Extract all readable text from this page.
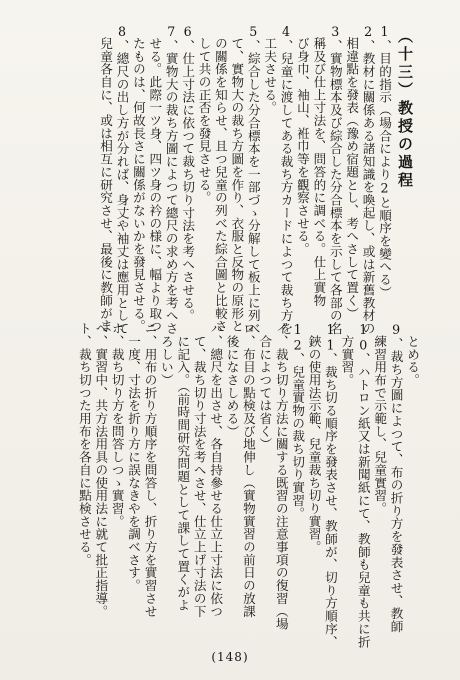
（十三）教授の過程
1、目的指示（場合により2と順序を變へる）
2、教材に關係ある諸知識を喚起し、或は新舊教材の
　相違點を發表（豫め宿題とし、考へさして置く）
3、實物標本及び綜合した分合標本を示して各部の名
　稱及び仕上寸法を、問答的に調べる。仕上實物
　び身巾、袖山、袵巾等を觀察させる。
4、兒童に渡してある裁ち方カードによつて裁ち方を
　工夫させる。
5、綜合した分合標本を一部づゝ分解して板上に列べ
　て、實物大の裁ち方圖を作り、衣服と反物の原形と
　の關係を知らせ、且つ兒童の列べた綜合圖と比較さ
　して共の正否を發見させる。
6、仕上寸法に依つて裁ち切り寸法を考へさせる。
7、實物大の裁ち方圖によつて總尺の求め方を考へさ
　せる。此際一ツ身、四ツ身の衿の様に、幅より取つ
　たものは、何故長さに關係がないかを發見させる。
8、總尺の出し方が分れば、身丈や袖丈は應用として
　兒童各自に、或は相互に研究させ、最後に教師がま
　とめる。
9、裁ち方圖によつて、布の折り方を發表させ、教師
　練習用布で示範し、兒童實習。
10、ハトロン紙又は新聞紙にて、教師も兒童も共に折
　方實習。
11、裁ち切る順序を發表させ、教師が、切り方順序、
　鋏の使用法示範、兒童裁ち切り實習。
12、兒童實物の裁ち切り實習。
イ、裁ち切り方法に關する既習の注意事項の復習（場
　合によつては省く）
ロ、布目の點検及び地伸し（實物實習の前日の放課
　後になさしめる）
ハ、總尺を出させ、各自持參せる仕立上寸法に依つ
　て、裁ち切り寸法を考へさせ、仕立上げ寸法の下
　に記入。（前時間研究問題として課して置くがよ
　ろしい）
ニ、用布の折り方順序を問答し、折り方を實習させ
　一度、寸法を折り方に誤なきやを調べさす。
ホ、裁ち切り方を問答しつゝ實習。
ヘ、實習中、共方法用具の使用法に就て批正指導。
ト、裁ち切つた用布を各自に點検させる。
(148)
